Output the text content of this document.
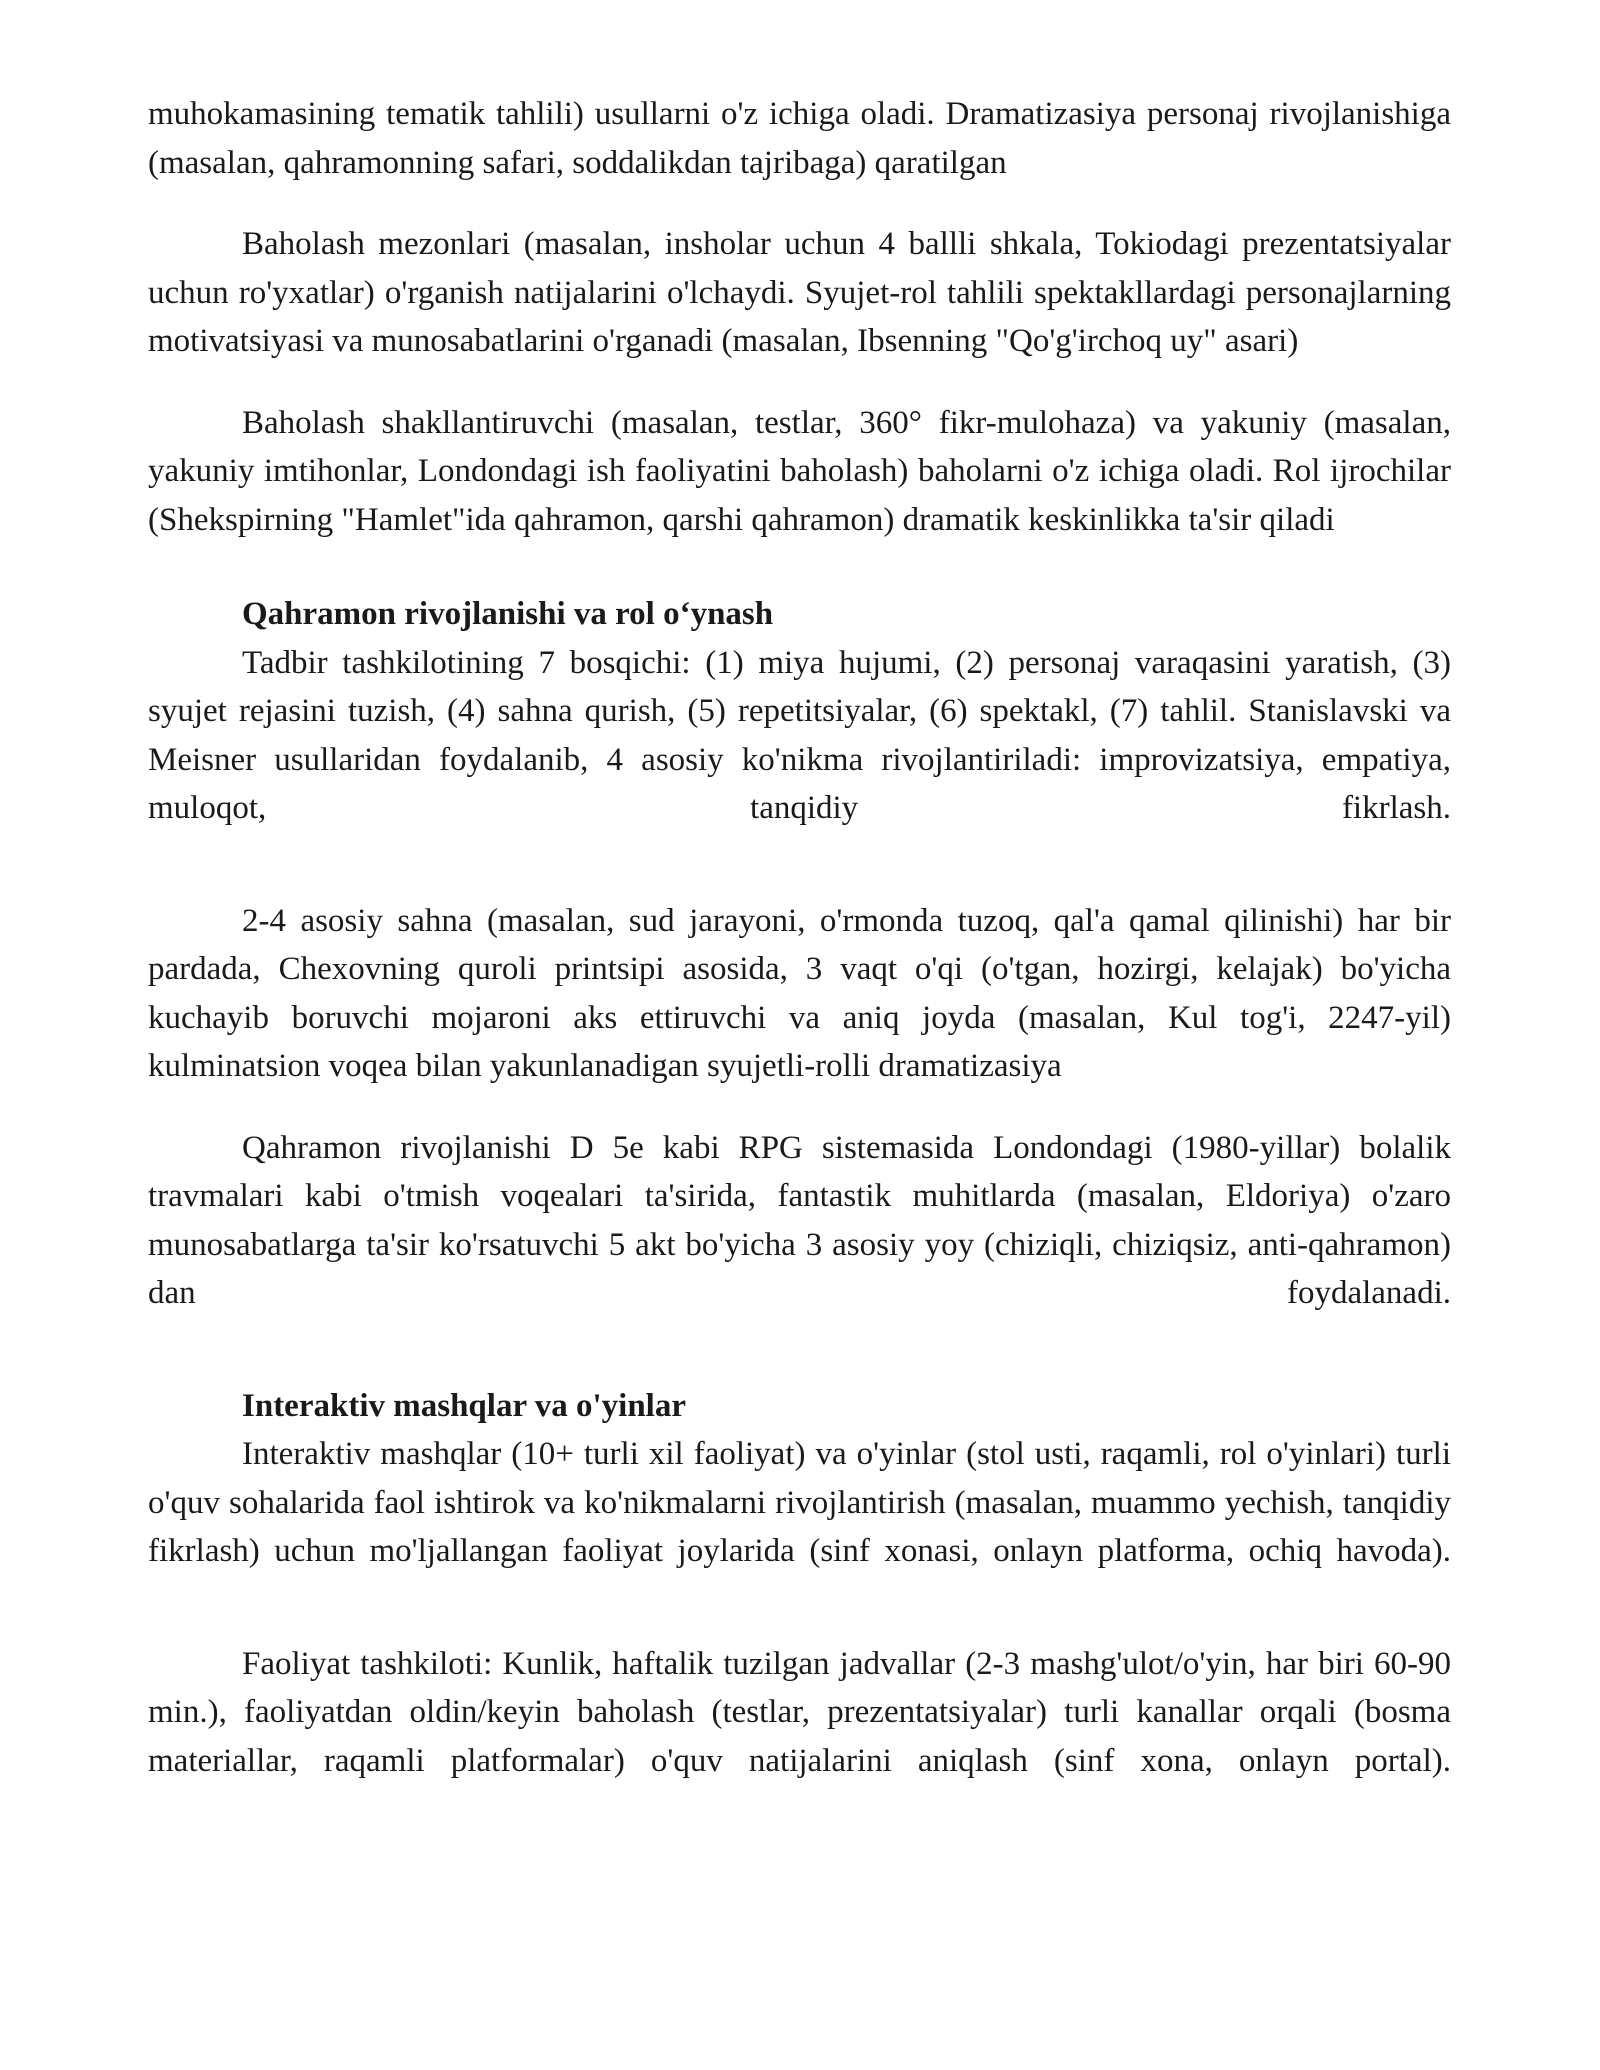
muhokamasining tematik tahlili) usullarni o'z ichiga oladi. Dramatizasiya personaj rivojlanishiga (masalan, qahramonning safari, soddalikdan tajribaga) qaratilgan

Baholash mezonlari (masalan, insholar uchun 4 ballli shkala, Tokiodagi prezentatsiyalar uchun ro'yxatlar) o'rganish natijalarini o'lchaydi. Syujet-rol tahlili spektakllardagi personajlarning motivatsiyasi va munosabatlarini o'rganadi (masalan, Ibsenning "Qo'g'irchoq uy" asari)

Baholash shakllantiruvchi (masalan, testlar, 360° fikr-mulohaza) va yakuniy (masalan, yakuniy imtihonlar, Londondagi ish faoliyatini baholash) baholarni o'z ichiga oladi. Rol ijrochilar (Shekspirning "Hamlet"ida qahramon, qarshi qahramon) dramatik keskinlikka ta'sir qiladi

Qahramon rivojlanishi va rol o‘ynash

Tadbir tashkilotining 7 bosqichi: (1) miya hujumi, (2) personaj varaqasini yaratish, (3) syujet rejasini tuzish, (4) sahna qurish, (5) repetitsiyalar, (6) spektakl, (7) tahlil. Stanislavski va Meisner usullaridan foydalanib, 4 asosiy ko'nikma rivojlantiriladi: improvizatsiya, empatiya, muloqot, tanqidiy fikrlash.

2-4 asosiy sahna (masalan, sud jarayoni, o'rmonda tuzoq, qal'a qamal qilinishi) har bir pardada, Chexovning quroli printsipi asosida, 3 vaqt o'qi (o'tgan, hozirgi, kelajak) bo'yicha kuchayib boruvchi mojaroni aks ettiruvchi va aniq joyda (masalan, Kul tog'i, 2247-yil) kulminatsion voqea bilan yakunlanadigan syujetli-rolli dramatizasiya

Qahramon rivojlanishi D 5e kabi RPG sistemasida Londondagi (1980-yillar) bolalik travmalari kabi o'tmish voqealari ta'sirida, fantastik muhitlarda (masalan, Eldoriya) o'zaro munosabatlarga ta'sir ko'rsatuvchi 5 akt bo'yicha 3 asosiy yoy (chiziqli, chiziqsiz, anti-qahramon) dan foydalanadi.

Interaktiv mashqlar va o'yinlar

Interaktiv mashqlar (10+ turli xil faoliyat) va o'yinlar (stol usti, raqamli, rol o'yinlari) turli o'quv sohalarida faol ishtirok va ko'nikmalarni rivojlantirish (masalan, muammo yechish, tanqidiy fikrlash) uchun mo'ljallangan faoliyat joylarida (sinf xonasi, onlayn platforma, ochiq havoda).

Faoliyat tashkiloti: Kunlik, haftalik tuzilgan jadvallar (2-3 mashg'ulot/o'yin, har biri 60-90 min.), faoliyatdan oldin/keyin baholash (testlar, prezentatsiyalar) turli kanallar orqali (bosma materiallar, raqamli platformalar) o'quv natijalarini aniqlash (sinf xona, onlayn portal).
